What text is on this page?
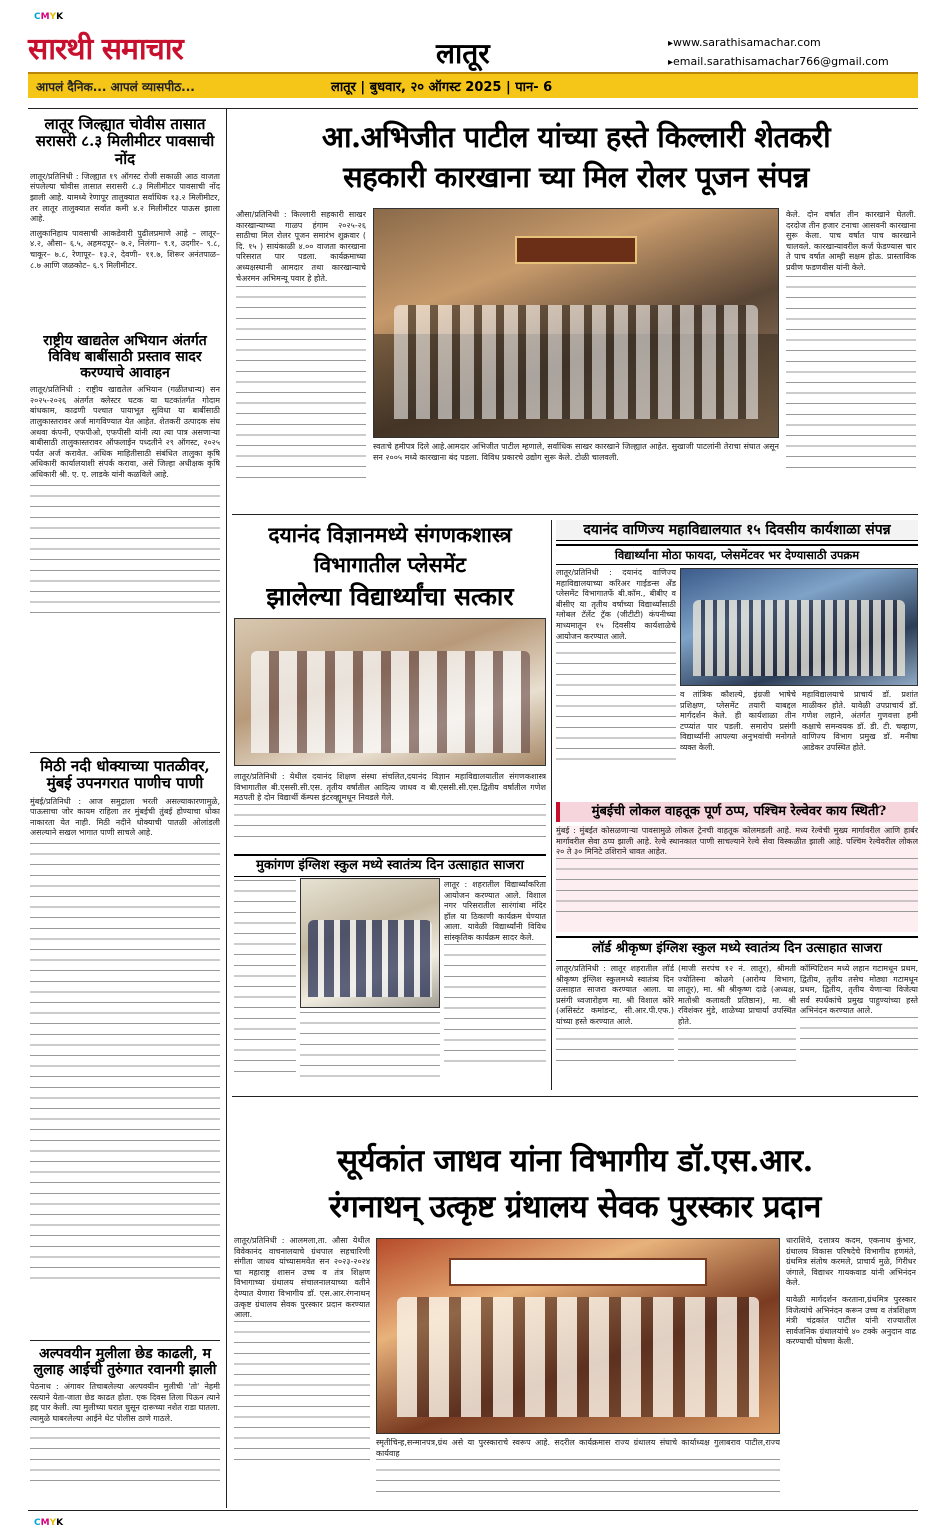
CMYK
CMYK
सारथी समाचार	लातूर
▸	www.sarathisamachar.com
▸ email.sarathisamachar766@gmail.com
आपलं दैनिक... आपलं व्यासपीठ...	लातूर | बुधवार, २० ऑगस्ट 2025 | पान- 6
लातूर जिल्ह्यात चोवीस तासात सरासरी ८.३ मिलीमीटर पावसाची नोंद
लातूर/प्रतिनिधी : जिल्ह्यात १९ ऑगस्ट रोजी सकाळी आठ वाजता संपलेल्या चोवीस तासात सरासरी ८.३ मिलीमीटर पावसाची नोंद झाली आहे. यामध्ये रेणापूर तालुक्यात सर्वाधिक १३.२ मिलीमीटर, तर लातूर तालुक्यात सर्वात कमी ४.२ मिलीमीटर पाऊस झाला आहे.
तालुकानिहाय पावसाची आकडेवारी पुढीलप्रमाणे आहे – लातूर– ४.२, औसा– ६.५, अहमदपूर– ७.२, निलंगा– ९.१, उदगीर– ९.८, चाकूर– ७.८, रेणापूर– १३.२, देवणी– ११.७, शिरूर अनंतपाळ– ८.७ आणि जळकोट– ६.९ मिलीमीटर.
राष्ट्रीय खाद्यतेल अभियान अंतर्गत विविध बाबींसाठी प्रस्ताव सादर करण्याचे आवाहन
लातूर/प्रतिनिधी : राष्ट्रीय खाद्यतेल अभियान (गळीतधान्य) सन २०२५-२०२६ अंतर्गत क्लेस्टर घटक या घटकांतर्गत गोदाम बांधकाम, काढणी पश्चात पायाभूत सुविधा या बाबींसाठी तालुकास्तरावर अर्ज मागविण्यात येत आहेत. शेतकरी उत्पादक संघ अथवा कंपनी, एफपीओ, एफपीसी यांनी त्या त्या पात्र असणाऱ्या बाबीसाठी तालुकास्तरावर ऑफलाईन पध्दतीने २९ ऑगस्ट, २०२५ पर्यंत अर्ज करावेत. अधिक माहितीसाठी संबंधित तालुका कृषि अधिकारी कार्यालयाशी संपर्क करावा, असे जिल्हा अधीक्षक कृषि अधिकारी श्री. ए. ए. लाडके यांनी कळविले आहे.
मिठी नदी धोक्याच्या पातळीवर, मुंबई उपनगरात पाणीच पाणी
मुंबई/प्रतिनिधी : आज समुद्राला भरती असल्याकारणामुळे, पाऊसाचा जोर कायम राहिला तर मुंबईची तुंबई होण्याचा धोका नाकारता येत नाही. मिठी नदीने धोक्याची पातळी ओलांडली असल्याने सखल भागात पाणी साचले आहे.
अल्पवयीन मुलीला छेड काढली, म लुलाह आईची तुरुंगात रवानगी झाली
पेठनाथ : अंगावर तिचाबलेल्या अल्पवयीन मुलीची 'तो' नेहमी रस्त्याने येता-जाता छेड काढत होता. एक दिवस तिला पिऊन त्याने हद्द पार केली. त्या मुलीच्या घरात घुसून दारूच्या नशेत राडा घातला. त्यामुळे घाबरलेल्या आईने थेट पोलीस ठाणे गाठले.
आ.अभिजीत पाटील यांच्या हस्ते किल्लारी शेतकरी
सहकारी कारखाना च्या मिल रोलर पूजन संपन्न
औसा/प्रतिनिधी : किल्लारी सहकारी साखर कारखान्याच्या गाळप हंगाम २०२५-२६ साठीचा मिल रोलर पूजन समारंभ शुक्रवार ( दि. १५ ) सायंकाळी ४.०० वाजता कारखाना परिसरात पार पडला. कार्यक्रमाच्या अध्यक्षस्थानी आमदार तथा कारखान्याचे चेअरमन अभिमन्यू पवार हे होते.
स्वतःचे हमीपत्र दिले आहे.आमदार अभिजीत पाटील म्हणाले, सर्वाधिक साखर कारखाने जिल्ह्यात आहेत. सुखाजी पाटलांनी तेराचा संघात असून सन २००५ मध्ये कारखाना बंद पडला. विविध प्रकारचे उद्योग सुरू केले. टोळी चालवली.
केले. दोन वर्षात तीन कारखाने घेतली. दरदोज तीन हजार टनाचा आसवनी कारखाना सुरू केला. पाच वर्षात पाच कारखाने चालवले. कारखान्यावरील कर्ज फेडण्यास चार ते पाच वर्षात आम्ही सक्षम होऊ. प्रास्ताविक प्रवीण फडणवीस यांनी केले.
दयानंद विज्ञानमध्ये संगणकशास्त्र
विभागातील प्लेसमेंट
झालेल्या विद्यार्थ्यांचा सत्कार
लातूर/प्रतिनिधी : येथील दयानंद शिक्षण संस्था संचलित,दयानंद विज्ञान महाविद्यालयातील संगणकशास्त्र विभागातील बी.एससी.सी.एस. तृतीय वर्षातील आदित्य जाधव व बी.एससी.सी.एस.द्वितीय वर्षातील गणेश मठपती हे दोन विद्यार्थी कॅम्पस इंटरव्ह्यूमधून निवडले गेले.
मुकांगण इंग्लिश स्कुल मध्ये स्वातंत्र्य दिन उत्साहात साजरा
लातूर : शहरातील विद्यार्थ्यांकरिता आयोजन करण्यात आले. विशाल नगर परिसरातील सारंगांबा मंदिर हॉल या ठिकाणी कार्यक्रम घेण्यात आला. यावेळी विद्यार्थ्यांनी विविध सांस्कृतिक कार्यक्रम सादर केले.
दयानंद वाणिज्य महाविद्यालयात १५ दिवसीय कार्यशाळा संपन्न
विद्यार्थ्यांना मोठा फायदा, प्लेसमेंटवर भर देण्यासाठी उपक्रम
लातूर/प्रतिनिधी : दयानंद वाणिज्य महाविद्यालयाच्या करिअर गाईडन्स अँड प्लेसमेंट विभागातर्फे बी.कॉम., बीबीए व बीसीए या तृतीय वर्षाच्या विद्यार्थ्यांसाठी ग्लोबल टॅलेंट ट्रॅक (जीटीटी) कंपनीच्या माध्यमातून १५ दिवसीय कार्यशाळेचे आयोजन करण्यात आले.
व तांत्रिक कौशल्ये, इंग्रजी भाषेचे प्रशिक्षण, प्लेसमेंट तयारी याबद्दल मार्गदर्शन केले. ही कार्यशाळा तीन टप्प्यांत पार पडली. समारोप प्रसंगी विद्यार्थ्यांनी आपल्या अनुभवांची मनोगते व्यक्त केली.
महाविद्यालयाचे प्राचार्य डॉ. प्रशांत माळीकर होते. यावेळी उपप्राचार्य डॉ. गणेश लहाने, अंतर्गत गुणवत्ता हमी कक्षाचे समन्वयक डॉ. डी. टी. चव्हाण, वाणिज्य विभाग प्रमुख डॉ. मनीषा आडेकर उपस्थित होते.
मुंबईची लोकल वाहतूक पूर्ण ठप्प, पश्चिम रेल्वेवर काय स्थिती?
मुंबई : मुंबईत कोसळणाऱ्या पावसामुळे लोकल ट्रेनची वाहतूक कोलमडली आहे. मध्य रेल्वेची मुख्य मार्गावरील आणि हार्बर मार्गावरील सेवा ठप्प झाली आहे. रेल्वे स्थानकात पाणी साचल्याने रेल्वे सेवा विस्कळीत झाली आहे. पश्चिम रेल्वेवरील लोकल २० ते ३० मिनिटे उशिराने धावत आहेत.
लॉर्ड श्रीकृष्ण इंग्लिश स्कुल मध्ये स्वातंत्र्य दिन उत्साहात साजरा
लातूर/प्रतिनिधी : लातूर शहरातील लॉर्ड श्रीकृष्ण इंग्लिश स्कुलमध्ये स्वातंत्र्य दिन उत्साहात साजरा करण्यात आला. या प्रसंगी ध्वजारोहण मा. श्री विशाल कोरे (असिस्टंट कमांडन्ट, सी.आर.पी.एफ.) यांच्या हस्ते करण्यात आले.
(माजी सरपंच १२ नं. लातूर), श्रीमती ज्योतिस्ना कोळगे (आरोग्य विभाग, लातूर), मा. श्री श्रीकृष्ण दाढे (अध्यक्ष, मातोश्री कलावती प्रतिष्ठान), मा. श्री रविशंकर मुंडे, शाळेच्या प्राचार्या उपस्थित होते.
कॉम्पिटिशन मध्ये लहान गटामधून प्रथम, द्वितीय, तृतीय तसेच मोठ्या गटामधून प्रथम, द्वितीय, तृतीय येणाऱ्या विजेत्या सर्व स्पर्धकांचे प्रमुख पाहुण्यांच्या हस्ते अभिनंदन करण्यात आले.
सूर्यकांत जाधव यांना विभागीय डॉ.एस.आर.
रंगनाथन् उत्कृष्ट ग्रंथालय सेवक पुरस्कार प्रदान
लातूर/प्रतिनिधी : आलमला,ता. औसा येथील विवेकानंद वाचनालयाचे ग्रंथपाल सहचारिणी संगीता जाधव यांच्यासमवेत सन २०२३-२०२४ चा महाराष्ट्र शासन उच्च व तंत्र शिक्षण विभागाच्या ग्रंथालय संचालनालयाच्या वतीने देण्यात येणारा विभागीय डॉ. एस.आर.रंगनाथन् उत्कृष्ट ग्रंथालय सेवक पुरस्कार प्रदान करण्यात आला.
स्मृतीचिन्ह,सन्मानपत्र,ग्रंथ असे या पुरस्काराचे स्वरूप आहे. सदरील कार्यक्रमास राज्य ग्रंथालय संघाचे कार्याध्यक्ष गुलाबराव पाटील,राज्य कार्यवाह
धाराशिवे, दत्तात्रय कदम, एकनाथ कुंभार, ग्रंथालय विकास परिषदेचे विभागीय हणमंते, ग्रंथमित्र संतोष करमले, प्राचार्य मुळे, गिरीधर जंगाले, विद्याधर गायकवाड यांनी अभिनंदन केले.
यावेळी मार्गदर्शन करताना,ग्रंथमित्र पुरस्कार विजेत्यांचे अभिनंदन करून उच्च व तंत्रशिक्षण मंत्री चंद्रकांत पाटील यांनी राज्यातील सार्वजनिक ग्रंथालयांचे ४० टक्के अनुदान वाढ करण्याची घोषणा केली.
